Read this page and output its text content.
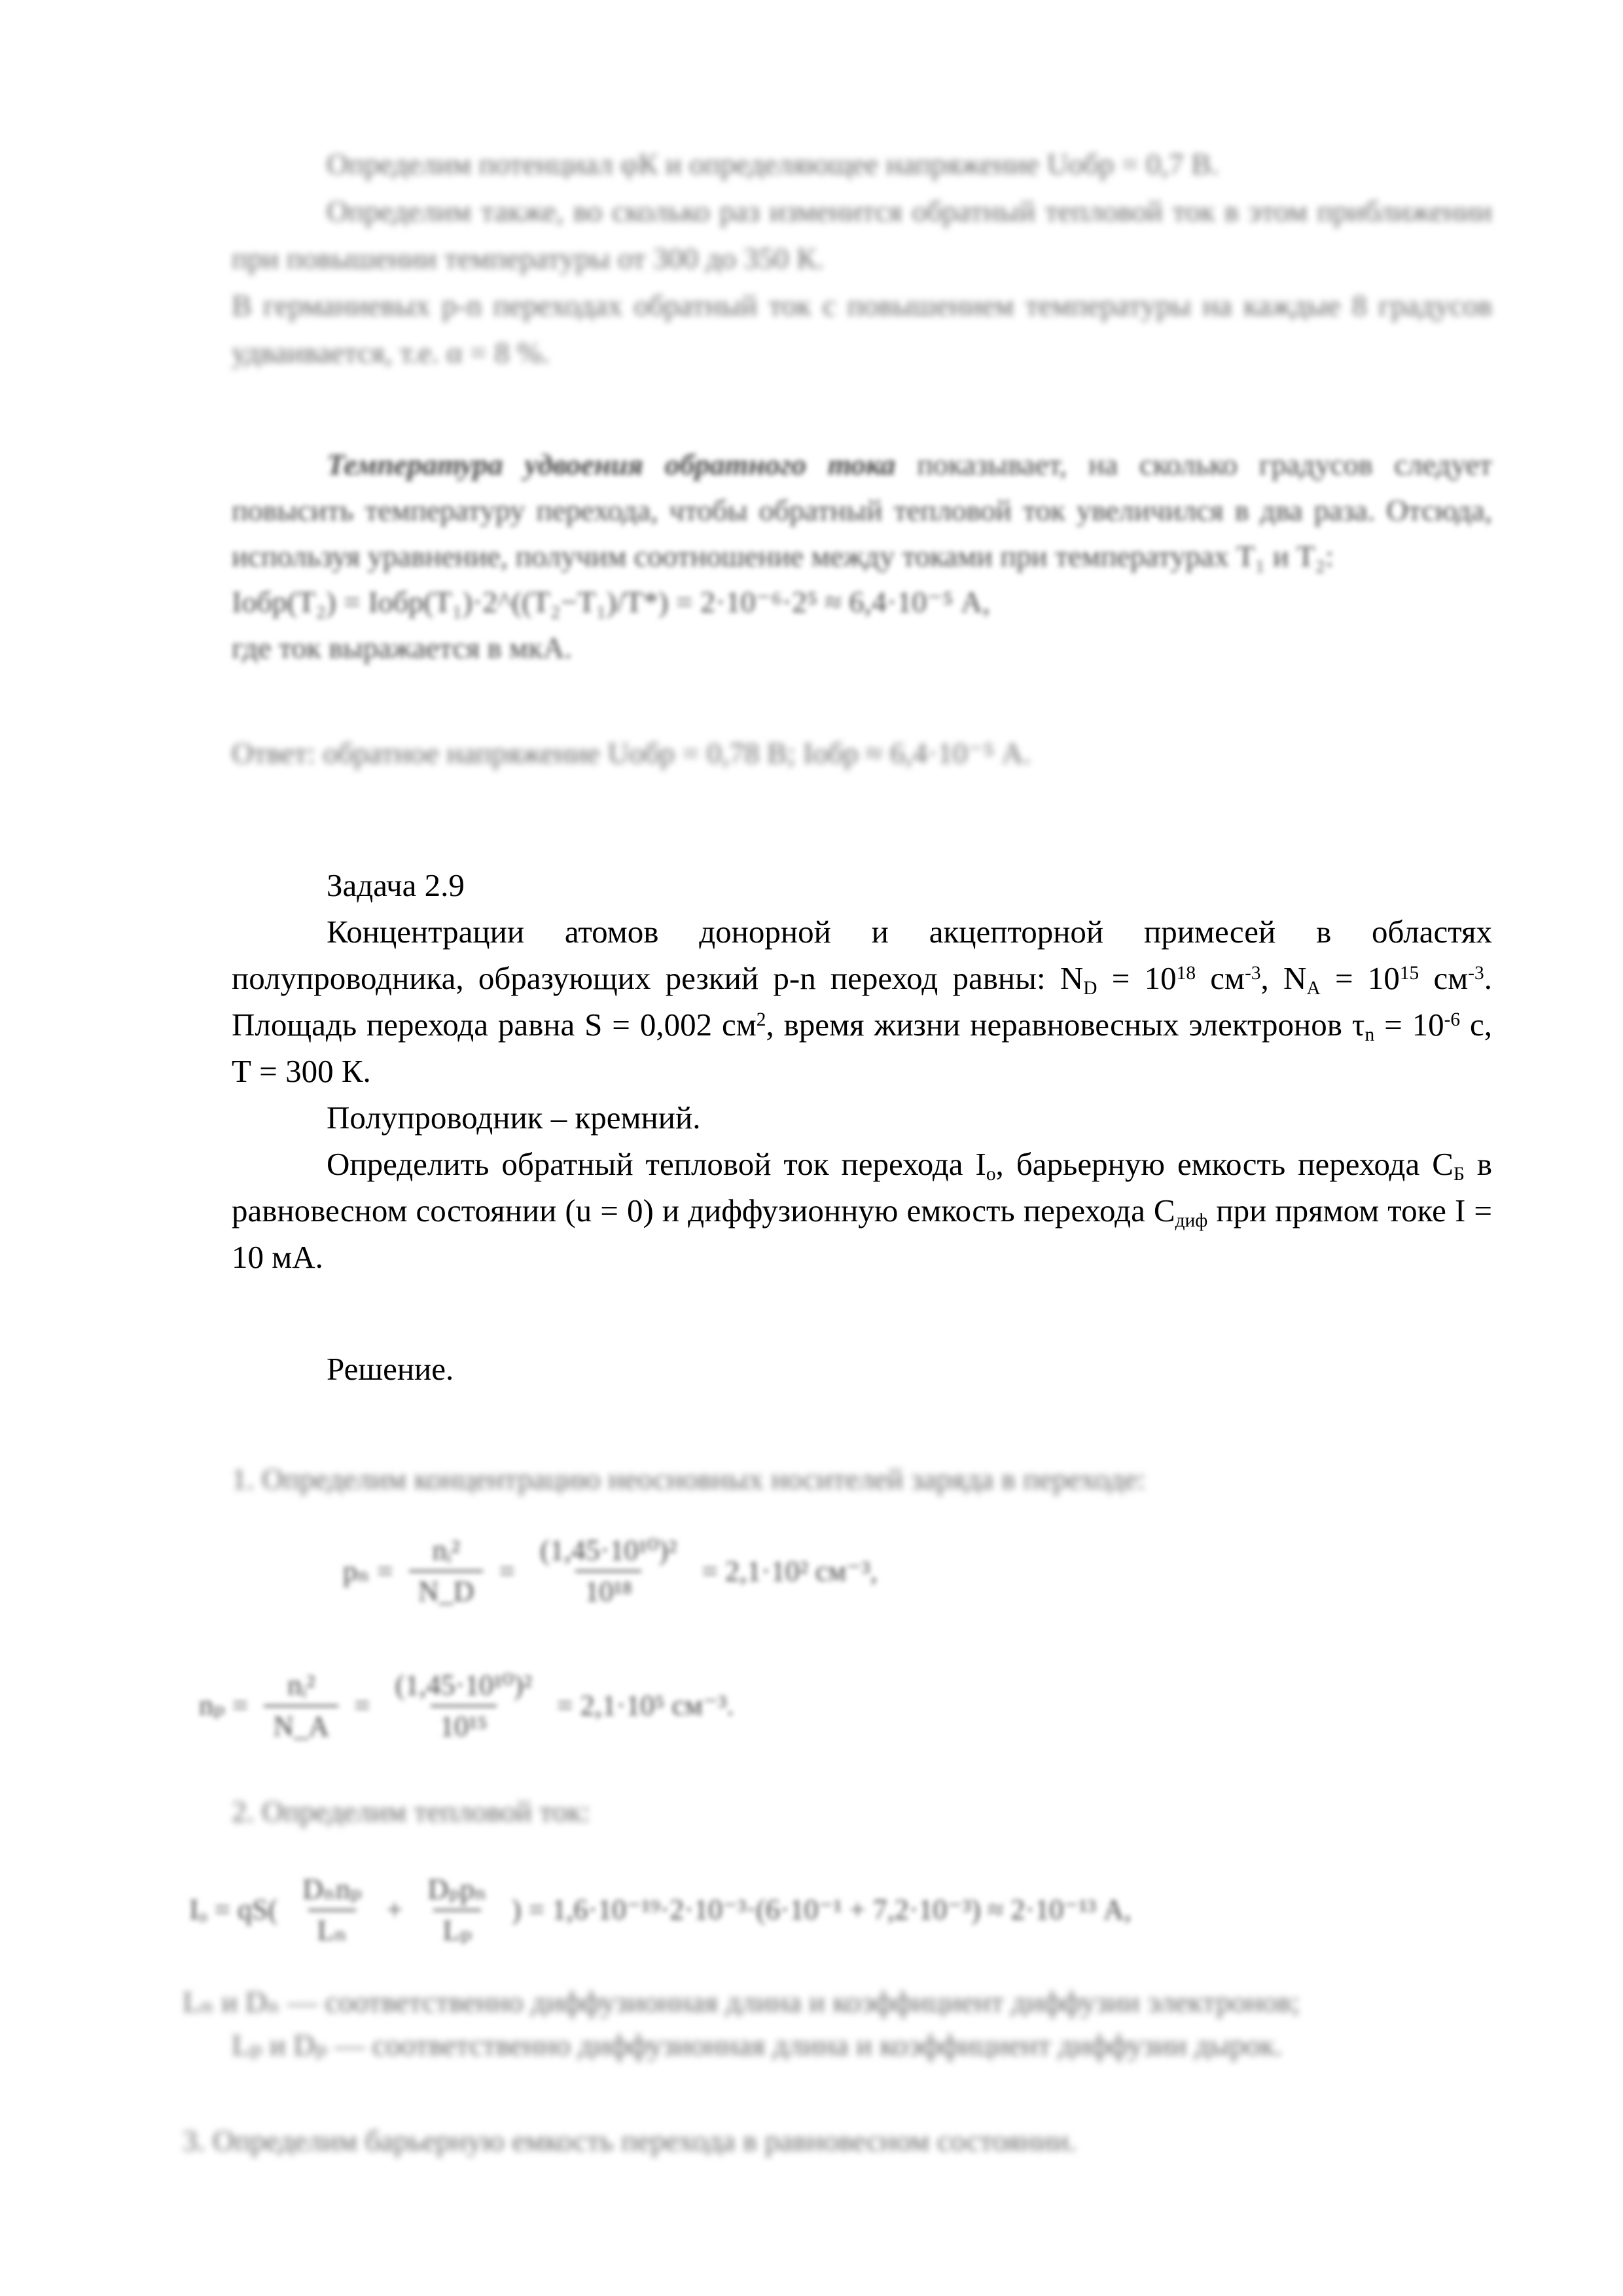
Определим потенциал φК и определяющее напряжение Uобр = 0,7 В.

Определим также, во сколько раз изменится обратный тепловой ток в этом приближении при повышении температуры от 300 до 350 К.

В германиевых p-n переходах обратный ток с повышением температуры на каждые 8 градусов удваивается, т.е. α = 8 %.

Температура удвоения обратного тока показывает, на сколько градусов следует повысить температуру перехода, чтобы обратный тепловой ток увеличился в два раза. Отсюда, используя уравнение, получим соотношение между токами при температурах Т₁ и Т₂:

Iобр(Т₂) = Iобр(Т₁)·2^((Т₂−Т₁)/Т*) = 2·10⁻⁶·2⁵ ≈ 6,4·10⁻⁵ А,

где ток выражается в мкА.

Ответ: обратное напряжение Uобр = 0,78 В; Iобр ≈ 6,4·10⁻⁵ А.

Задача 2.9

Концентрации атомов донорной и акцепторной примесей в областях полупроводника, образующих резкий p-n переход равны: $N_D = 10^{18}$ $см^{-3}$, $N_A = 10^{15}$ $см^{-3}$. Площадь перехода равна S = 0,002 $см^2$, время жизни неравновесных электронов $\tau_n = 10^{-6}$ с, Т = 300 К.

Полупроводник – кремний.

Определить обратный тепловой ток перехода $I_о$, барьерную емкость перехода $С_Б$ в равновесном состоянии (u = 0) и диффузионную емкость перехода $С_{диф}$ при прямом токе I = 10 мА.

Решение.

1. Определим концентрацию неосновных носителей заряда в переходе:

$p_n = \frac{\text{nᵢ²}}{N\_D} = \frac{\text{(1,45·10¹⁰)²}}{\text{10¹⁸}} = 2,1\cdot 10^2$ см⁻³,
$n_p = \frac{\text{nᵢ²}}{N\_A} = \frac{\text{(1,45·10¹⁰)²}}{\text{10¹⁵}} = 2,1\cdot 10^5$ см⁻³.

2. Определим тепловой ток:

$I_o = qS( \frac{\text{Dₙnₚ}}{\text{Lₙ}} + \frac{\text{Dₚpₙ}}{\text{Lₚ}}$ ) = 1,6·10⁻¹⁹·2·10⁻³·(6·10⁻¹ + 7,2·10⁻³) ≈ 2·10⁻¹³ А,

Lₙ и Dₙ — соответственно диффузионная длина и коэффициент диффузии электронов;

Lₚ и Dₚ — соответственно диффузионная длина и коэффициент диффузии дырок.

3. Определим барьерную емкость перехода в равновесном состоянии.
